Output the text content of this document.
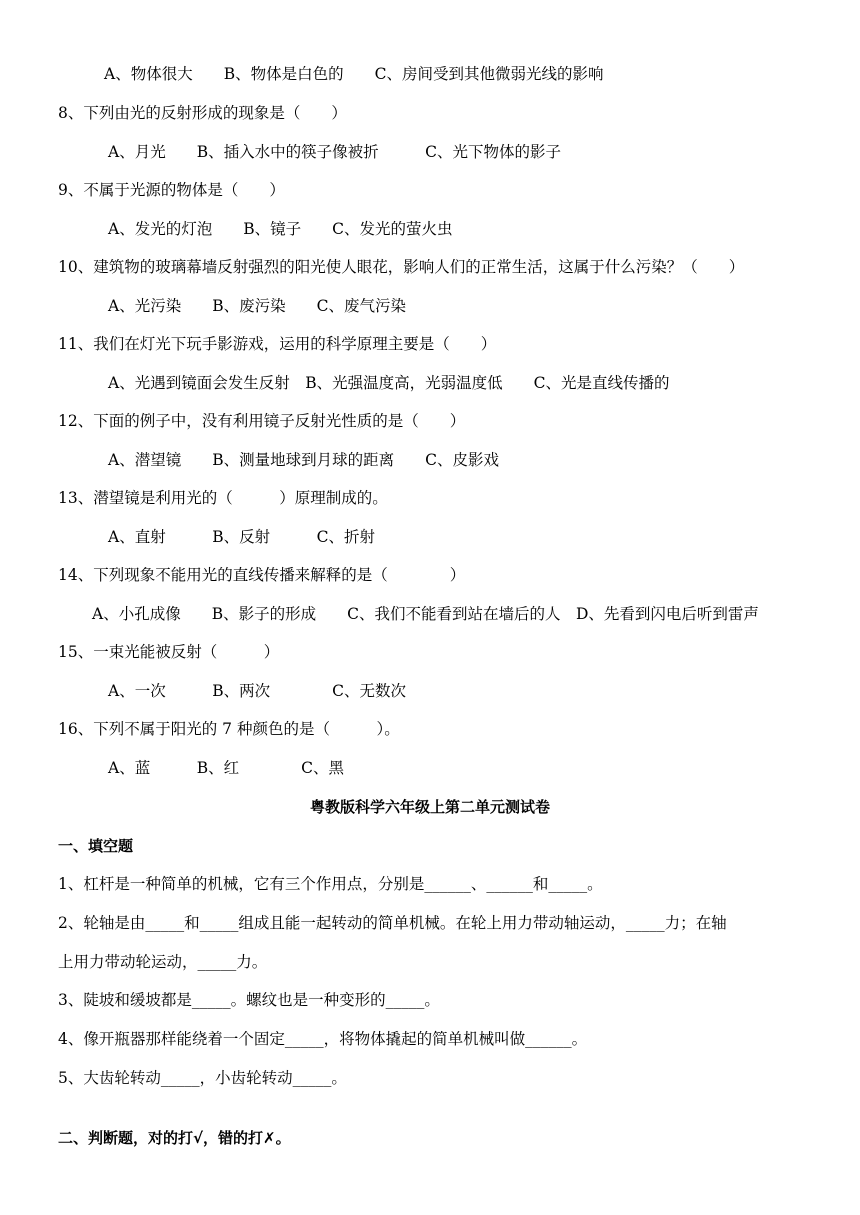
A、物体很大　　B、物体是白色的　　C、房间受到其他微弱光线的影响
8、下列由光的反射形成的现象是（　　）
A、月光　　B、插入水中的筷子像被折　　　C、光下物体的影子
9、不属于光源的物体是（　　）
A、发光的灯泡　　B、镜子　　C、发光的萤火虫
10、建筑物的玻璃幕墙反射强烈的阳光使人眼花，影响人们的正常生活，这属于什么污染？（　　）
A、光污染　　B、废污染　　C、废气污染
11、我们在灯光下玩手影游戏，运用的科学原理主要是（　　）
A、光遇到镜面会发生反射　B、光强温度高，光弱温度低　　C、光是直线传播的
12、下面的例子中，没有利用镜子反射光性质的是（　　）
A、潜望镜　　B、测量地球到月球的距离　　C、皮影戏
13、潜望镜是利用光的（　　　）原理制成的。
A、直射　　　B、反射　　　C、折射
14、下列现象不能用光的直线传播来解释的是（　　　　）
A、小孔成像　　B、影子的形成　　C、我们不能看到站在墙后的人　D、先看到闪电后听到雷声
15、一束光能被反射（　　　）
A、一次　　　B、两次　　　　C、无数次
16、下列不属于阳光的 7 种颜色的是（　　　）。
A、蓝　　　B、红　　　　C、黑
粤教版科学六年级上第二单元测试卷
一、填空题
1、杠杆是一种简单的机械，它有三个作用点，分别是______、______和_____。
2、轮轴是由_____和_____组成且能一起转动的简单机械。在轮上用力带动轴运动，_____力；在轴
上用力带动轮运动，_____力。
3、陡坡和缓坡都是_____。螺纹也是一种变形的_____。
4、像开瓶器那样能绕着一个固定_____，将物体撬起的简单机械叫做______。
5、大齿轮转动_____，小齿轮转动_____。
二、判断题，对的打√，错的打✗。
